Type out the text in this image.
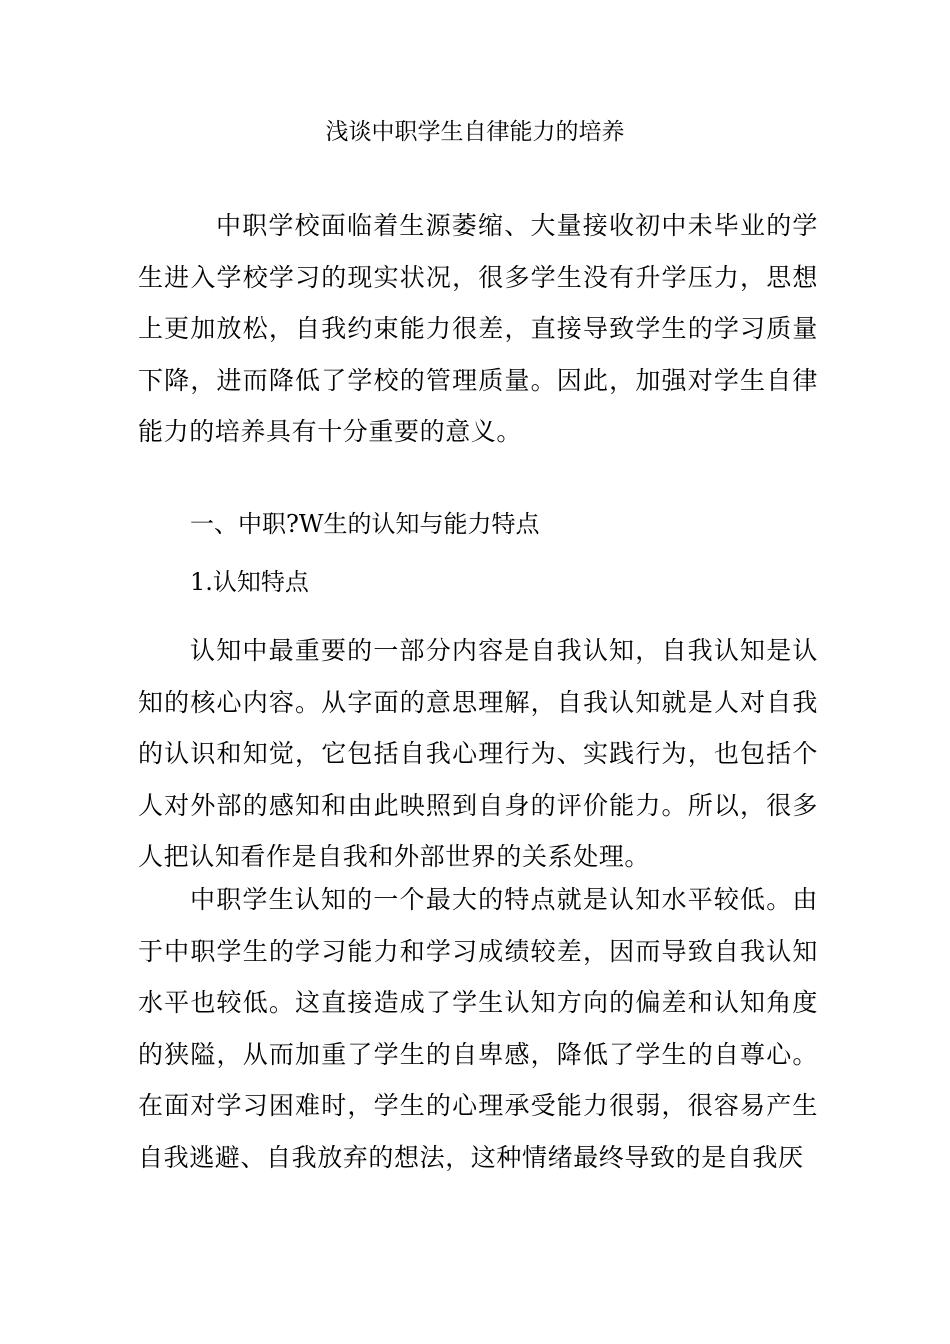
浅谈中职学生自律能力的培养

中职学校面临着生源萎缩、大量接收初中未毕业的学生进入学校学习的现实状况，很多学生没有升学压力，思想上更加放松，自我约束能力很差，直接导致学生的学习质量下降，进而降低了学校的管理质量。因此，加强对学生自律能力的培养具有十分重要的意义。

一、中职?W生的认知与能力特点
1.认知特点

认知中最重要的一部分内容是自我认知，自我认知是认知的核心内容。从字面的意思理解，自我认知就是人对自我的认识和知觉，它包括自我心理行为、实践行为，也包括个人对外部的感知和由此映照到自身的评价能力。所以，很多人把认知看作是自我和外部世界的关系处理。

中职学生认知的一个最大的特点就是认知水平较低。由于中职学生的学习能力和学习成绩较差，因而导致自我认知水平也较低。这直接造成了学生认知方向的偏差和认知角度的狭隘，从而加重了学生的自卑感，降低了学生的自尊心。在面对学习困难时，学生的心理承受能力很弱，很容易产生自我逃避、自我放弃的想法，这种情绪最终导致的是自我厌
